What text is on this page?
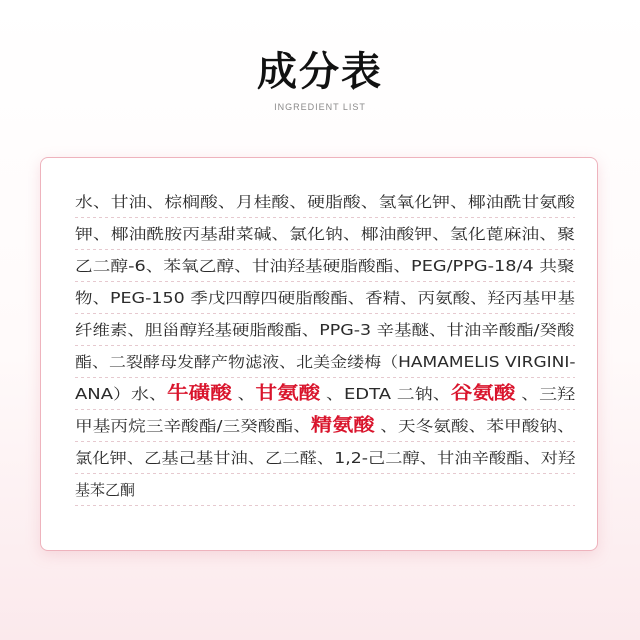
成分表
INGREDIENT LIST
水、甘油、棕榈酸、月桂酸、硬脂酸、氢氧化钾、椰油酰甘氨酸
钾、椰油酰胺丙基甜菜碱、氯化钠、椰油酸钾、氢化蓖麻油、聚
乙二醇-6、苯氧乙醇、甘油羟基硬脂酸酯、PEG/PPG-18/4 共聚
物、PEG-150 季戊四醇四硬脂酸酯、香精、丙氨酸、羟丙基甲基
纤维素、胆甾醇羟基硬脂酸酯、PPG-3 辛基醚、甘油辛酸酯/癸酸
酯、二裂酵母发酵产物滤液、北美金缕梅（HAMAMELIS VIRGINI-
ANA）水、牛磺酸 、甘氨酸 、EDTA 二钠、谷氨酸 、三羟
甲基丙烷三辛酸酯/三癸酸酯、精氨酸 、天冬氨酸、苯甲酸钠、
氯化钾、乙基己基甘油、乙二醛、1,2-己二醇、甘油辛酸酯、对羟
基苯乙酮
